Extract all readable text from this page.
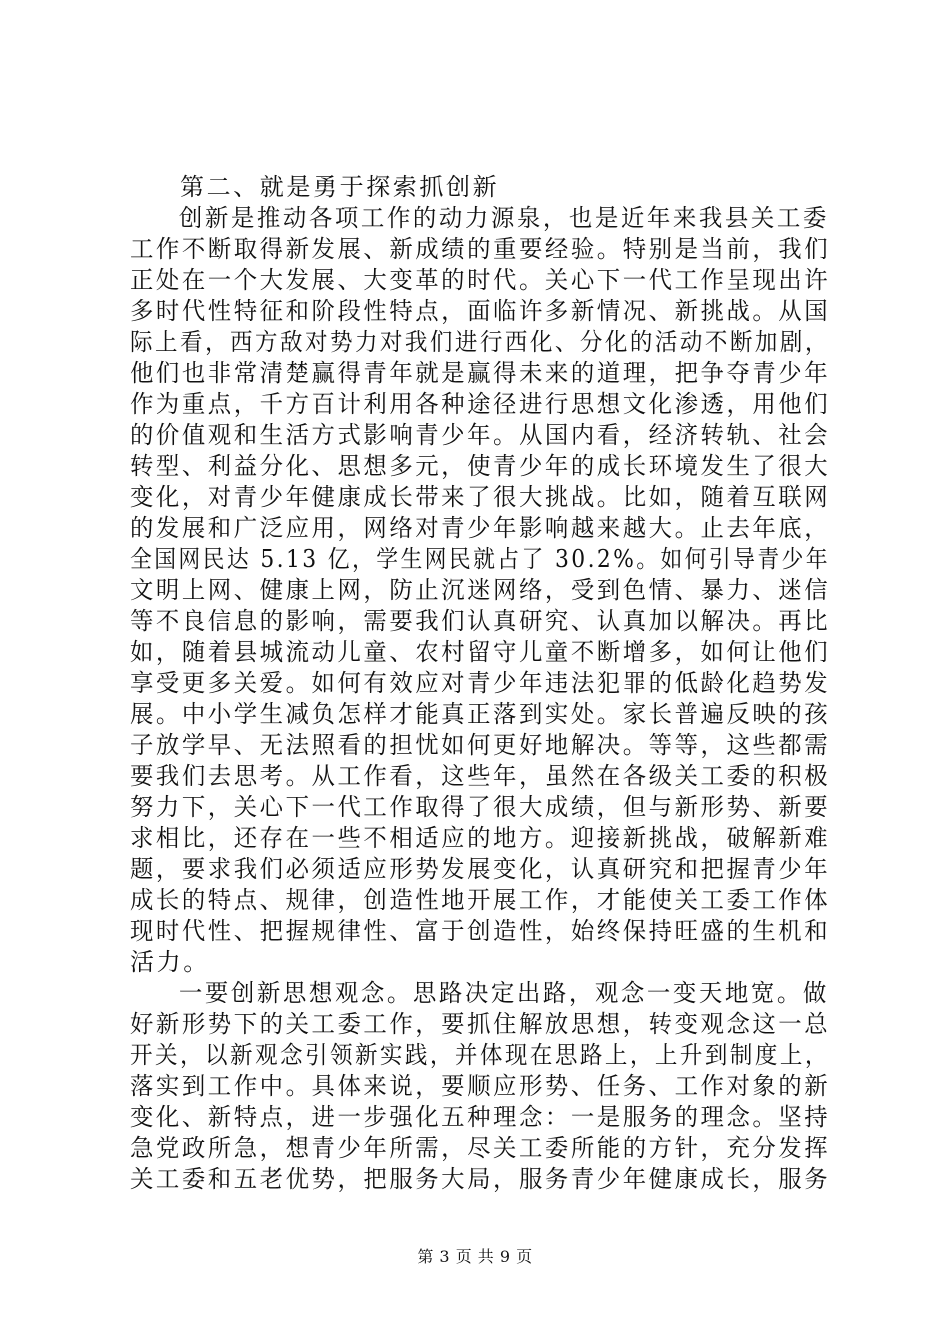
第二、就是勇于探索抓创新
创新是推动各项工作的动力源泉，也是近年来我县关工委
工作不断取得新发展、新成绩的重要经验。特别是当前，我们
正处在一个大发展、大变革的时代。关心下一代工作呈现出许
多时代性特征和阶段性特点，面临许多新情况、新挑战。从国
际上看，西方敌对势力对我们进行西化、分化的活动不断加剧，
他们也非常清楚赢得青年就是赢得未来的道理，把争夺青少年
作为重点，千方百计利用各种途径进行思想文化渗透，用他们
的价值观和生活方式影响青少年。从国内看，经济转轨、社会
转型、利益分化、思想多元，使青少年的成长环境发生了很大
变化，对青少年健康成长带来了很大挑战。比如，随着互联网
的发展和广泛应用，网络对青少年影响越来越大。止去年底，
全国网民达 5.13 亿，学生网民就占了 30.2%。如何引导青少年
文明上网、健康上网，防止沉迷网络，受到色情、暴力、迷信
等不良信息的影响，需要我们认真研究、认真加以解决。再比
如，随着县城流动儿童、农村留守儿童不断增多，如何让他们
享受更多关爱。如何有效应对青少年违法犯罪的低龄化趋势发
展。中小学生减负怎样才能真正落到实处。家长普遍反映的孩
子放学早、无法照看的担忧如何更好地解决。等等，这些都需
要我们去思考。从工作看，这些年，虽然在各级关工委的积极
努力下，关心下一代工作取得了很大成绩，但与新形势、新要
求相比，还存在一些不相适应的地方。迎接新挑战，破解新难
题，要求我们必须适应形势发展变化，认真研究和把握青少年
成长的特点、规律，创造性地开展工作，才能使关工委工作体
现时代性、把握规律性、富于创造性，始终保持旺盛的生机和
活力。
一要创新思想观念。思路决定出路，观念一变天地宽。做
好新形势下的关工委工作，要抓住解放思想，转变观念这一总
开关，以新观念引领新实践，并体现在思路上，上升到制度上，
落实到工作中。具体来说，要顺应形势、任务、工作对象的新
变化、新特点，进一步强化五种理念：一是服务的理念。坚持
急党政所急，想青少年所需，尽关工委所能的方针，充分发挥
关工委和五老优势，把服务大局，服务青少年健康成长，服务
第 3 页 共 9 页
